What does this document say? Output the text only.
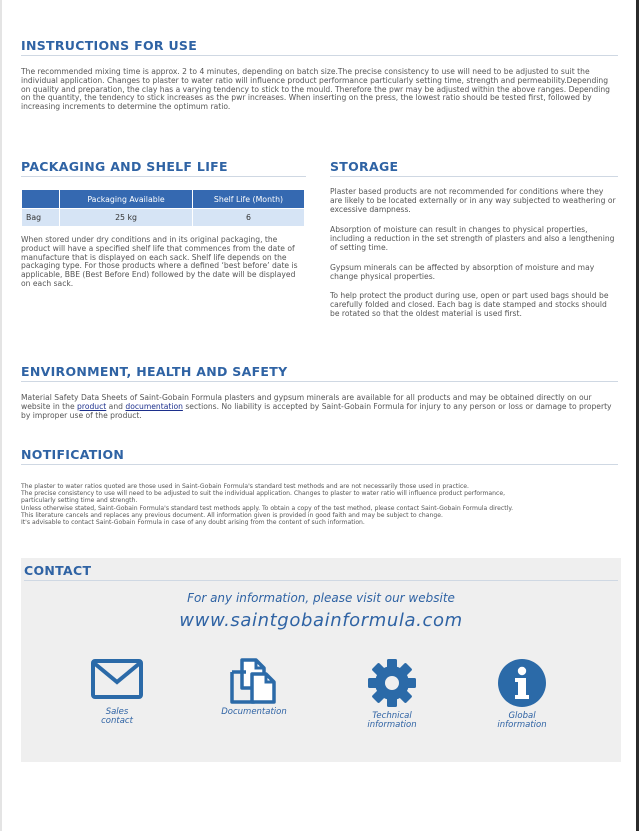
INSTRUCTIONS FOR USE

The recommended mixing time is approx. 2 to 4 minutes, depending on batch size.The precise consistency to use will need to be adjusted to suit the individual application. Changes to plaster to water ratio will influence product performance particularly setting time, strength and permeability.Depending on quality and preparation, the clay has a varying tendency to stick to the mould. Therefore the pwr may be adjusted within the above ranges. Depending on the quantity, the tendency to stick increases as the pwr increases. When inserting on the press, the lowest ratio should be tested first, followed by increasing increments to determine the optimum ratio.

PACKAGING AND SHELF LIFE
	Packaging Available	Shelf Life (Month)
Bag	25 kg	6

When stored under dry conditions and in its original packaging, the product will have a specified shelf life that commences from the date of manufacture that is displayed on each sack. Shelf life depends on the packaging type. For those products where a defined ‘best before’ date is applicable, BBE (Best Before End) followed by the date will be displayed on each sack.

STORAGE

Plaster based products are not recommended for conditions where they are likely to be located externally or in any way subjected to weathering or excessive dampness.

Absorption of moisture can result in changes to physical properties, including a reduction in the set strength of plasters and also a lengthening of setting time.

Gypsum minerals can be affected by absorption of moisture and may change physical properties.

To help protect the product during use, open or part used bags should be carefully folded and closed. Each bag is date stamped and stocks should be rotated so that the oldest material is used first.

ENVIRONMENT, HEALTH AND SAFETY

Material Safety Data Sheets of Saint-Gobain Formula plasters and gypsum minerals are available for all products and may be obtained directly on our website in the product and documentation sections. No liability is accepted by Saint-Gobain Formula for injury to any person or loss or damage to property by improper use of the product.

NOTIFICATION
The plaster to water ratios quoted are those used in Saint-Gobain Formula's standard test methods and are not necessarily those used in practice.
The precise consistency to use will need to be adjusted to suit the individual application. Changes to plaster to water ratio will influence product performance,
particularly setting time and strength.
Unless otherwise stated, Saint-Gobain Formula's standard test methods apply. To obtain a copy of the test method, please contact Saint-Gobain Formula directly.
This literature cancels and replaces any previous document. All information given is provided in good faith and may be subject to change.
It's advisable to contact Saint-Gobain Formula in case of any doubt arising from the content of such information.
CONTACT
For any information, please visit our website
www.saintgobainformula.com
Sales
contact
Documentation	Technical
information
Global
information
